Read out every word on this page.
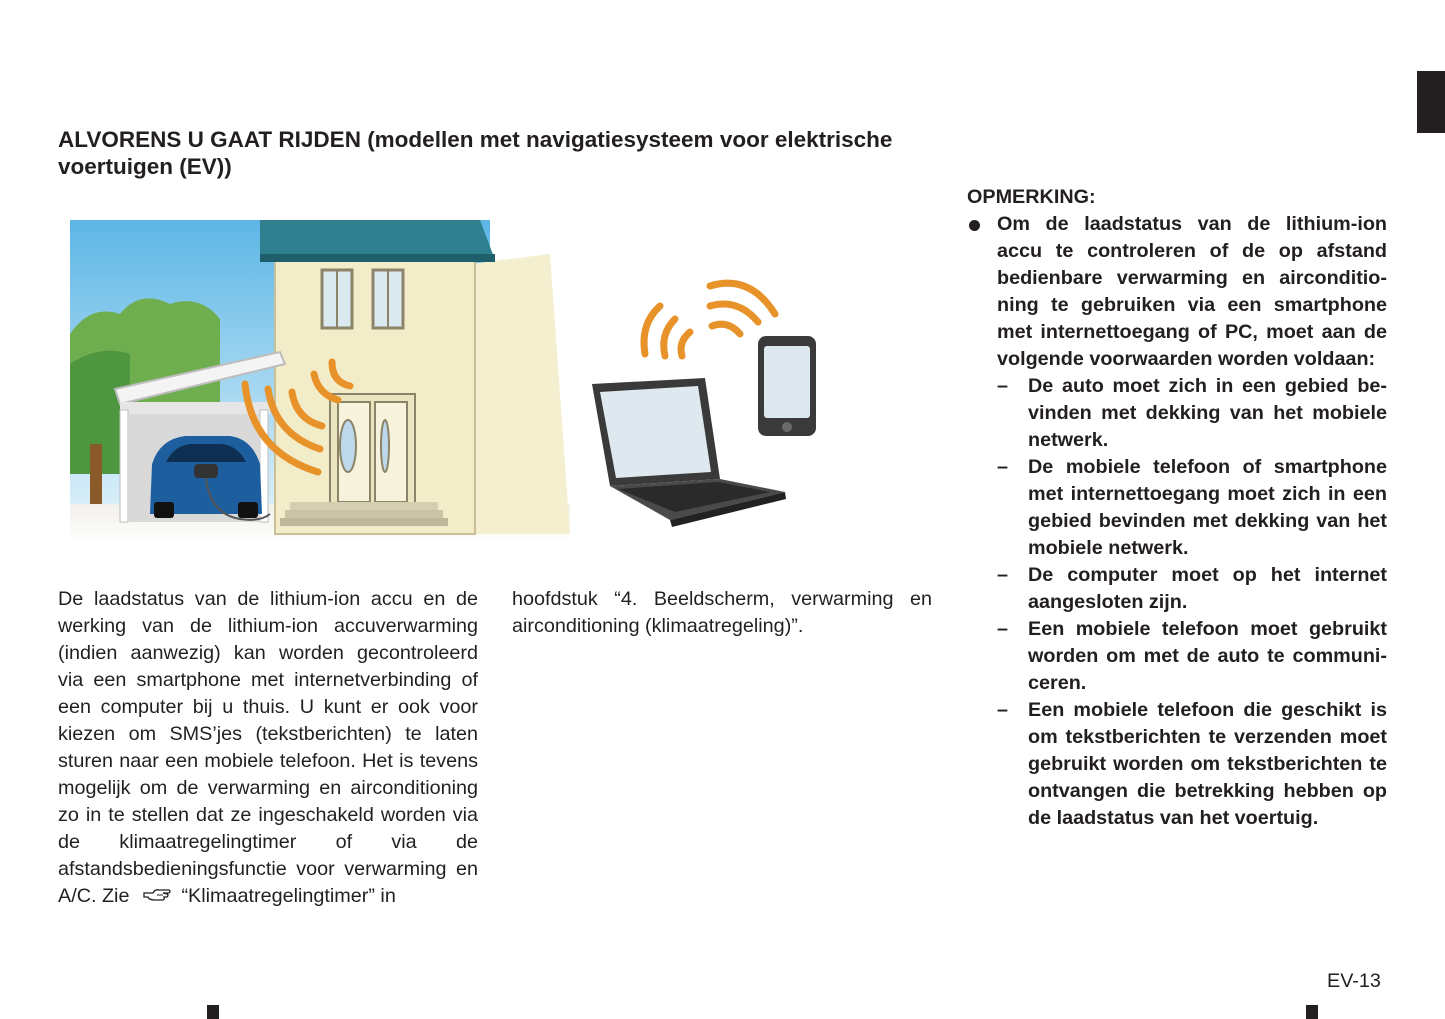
ALVORENS U GAAT RIJDEN (modellen met navigatiesysteem voor elektrische voertuigen (EV))

De laadstatus van de lithium-ion accu en de werking van de lithium-ion accuverwarming (indien aanwezig) kan worden gecontroleerd via een smartphone met internetverbinding of een computer bij u thuis. U kunt er ook voor kiezen om SMS’jes (tekstberichten) te laten sturen naar een mobiele telefoon. Het is tevens mogelijk om de verwarming en airconditioning zo in te stellen dat ze ingeschakeld worden via de klimaatregelingtimer of via de afstandsbedieningsfunctie voor verwarming en A/C. Zie	“Klimaatregelingtimer” in

hoofdstuk “4. Beeldscherm, verwarming en airconditioning (klimaatregeling)”.

OPMERKING:

Om de laadstatus van de lithium-ion accu te controleren of de op afstand bedienbare verwarming en airconditioning te gebruiken via een smartphone met internettoegang of PC, moet aan de volgende voorwaarden worden voldaan:

– De auto moet zich in een gebied bevinden met dekking van het mobiele netwerk.
– De mobiele telefoon of smartphone met internettoegang moet zich in een gebied bevinden met dekking van het mobiele netwerk.
– De computer moet op het internet aangesloten zijn.
– Een mobiele telefoon moet gebruikt worden om met de auto te communiceren.
– Een mobiele telefoon die geschikt is om tekstberichten te verzenden moet gebruikt worden om tekstberichten te ontvangen die betrekking hebben op de laadstatus van het voertuig.
EV-13
